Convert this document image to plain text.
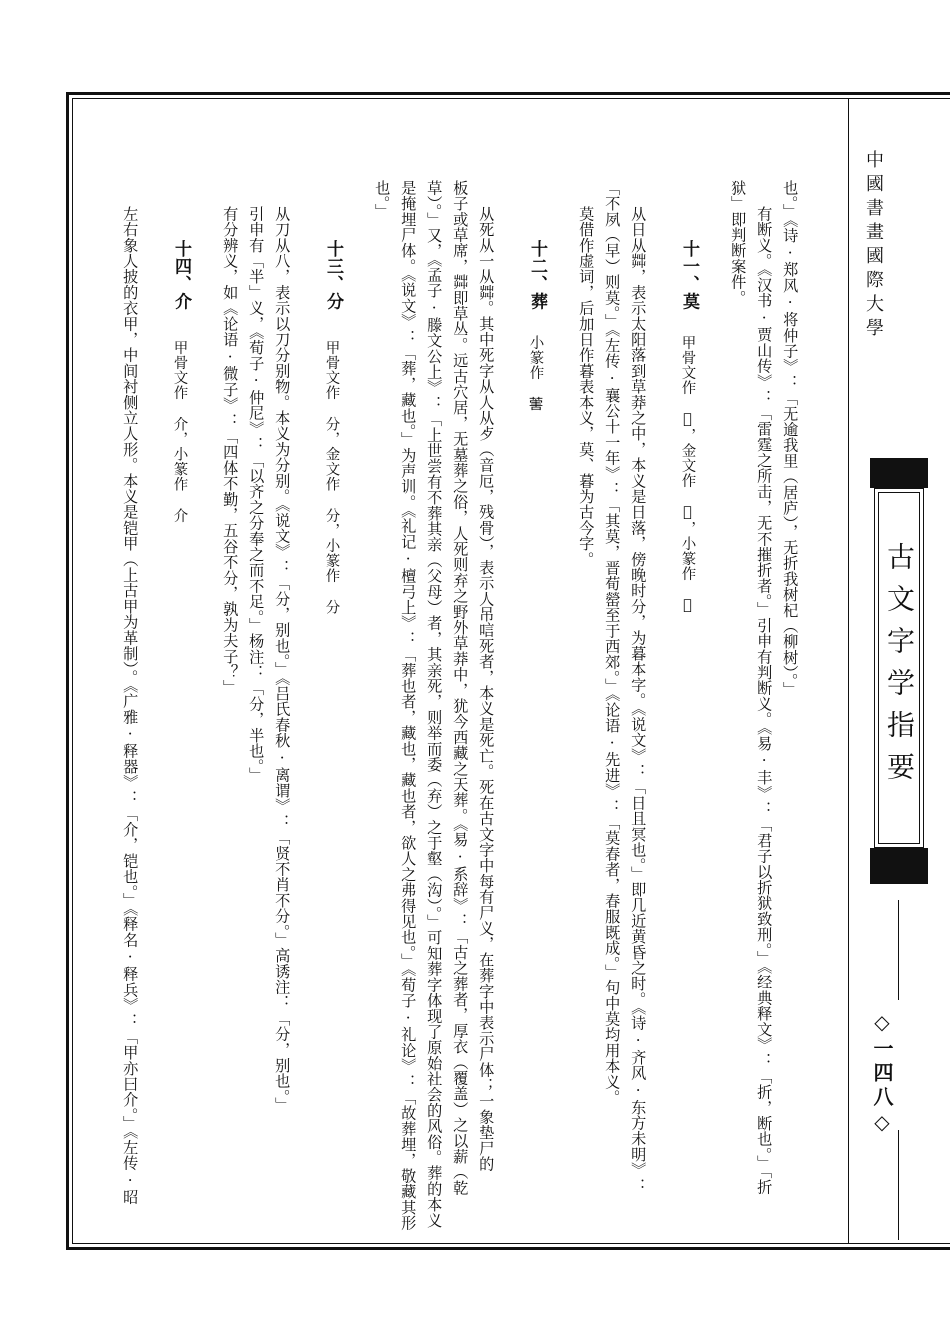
中國書畫國際大學
古文字学指要
◇一四八◇
也。」《诗·郑风·将仲子》：「无逾我里（居庐），无折我树杞（柳树）。」
有断义。《汉书·贾山传》：「雷霆之所击，无不摧折者。」引申有判断义。《易·丰》：「君子以折狱致刑。」《经典释文》：「折，断也。」「折
狱」即判断案件。
十一、莫
甲骨文作 𦬶，金文作 𦬶，小篆作 𦬶
从日从茻，表示太阳落到草莽之中，本义是日落，傍晚时分，为暮本字。《说文》：「日且冥也。」即几近黄昏之时。《诗·齐风·东方未明》：
「不夙（早）则莫。」《左传·襄公十一年》：「其莫，晋荀罃至于西郊。」《论语·先进》：「莫春者，春服既成。」句中莫均用本义。
莫借作虚词，后加日作暮表本义，莫、暮为古今字。
十二、葬
小篆作 𦵯
从死从一从茻。其中死字从人从歺（音厄，残骨），表示人吊唁死者，本义是死亡。死在古文字中每有尸义，在葬字中表示尸体；一象垫尸的
板子或草席，茻即草丛。远古穴居，无墓葬之俗，人死则弃之野外草莽中，犹今西藏之天葬。《易·系辞》：「古之葬者，厚衣（覆盖）之以薪（乾
草）。」又，《孟子·滕文公上》：「上世尝有不葬其亲（父母）者，其亲死，则举而委（弃）之于壑（沟）。」可知葬字体现了原始社会的风俗。葬的本义
是掩埋尸体。《说文》：「葬，藏也。」为声训。《礼记·檀弓上》：「葬也者，藏也，藏也者，欲人之弗得见也。」《荀子·礼论》：「故葬埋，敬藏其形
也。」
十三、分
甲骨文作 分，金文作 分，小篆作 分
从刀从八，表示以刀分别物。本义为分别。《说文》：「分，别也。」《吕氏春秋·离谓》：「贤不肖不分。」高诱注：「分，别也。」
引申有「半」义，《荀子·仲尼》：「以齐之分奉之而不足。」杨注：「分，半也。」
有分辨义，如《论语·微子》：「四体不勤，五谷不分，孰为夫子？」
十四、介
甲骨文作 介，小篆作 介
左右象人披的衣甲，中间衬侧立人形。本义是铠甲（上古甲为革制）。《广雅·释器》：「介，铠也。」《释名·释兵》：「甲亦曰介。」《左传·昭
